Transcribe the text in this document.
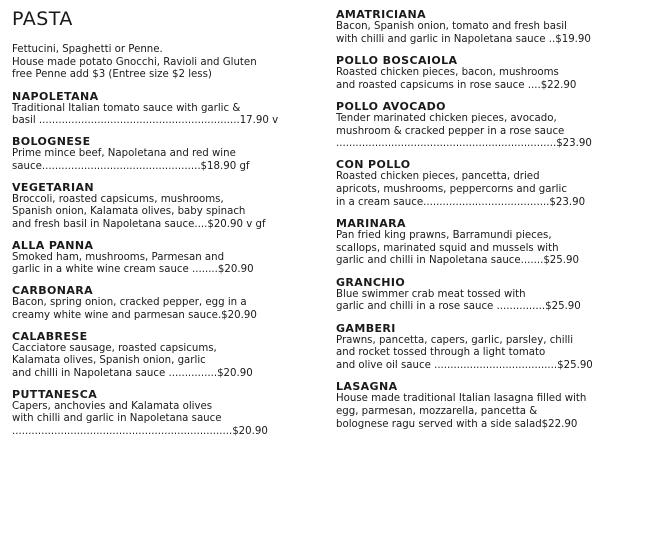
PASTA
Fettucini, Spaghetti or Penne.
House made potato Gnocchi, Ravioli and Gluten
free Penne add $3 (Entree size $2 less)
NAPOLETANA
Traditional Italian tomato sauce with garlic &
basil ..............................................................17.90 v
BOLOGNESE
Prime mince beef, Napoletana and red wine
sauce.................................................$18.90 gf
VEGETARIAN
Broccoli, roasted capsicums, mushrooms,
Spanish onion, Kalamata olives, baby spinach
and fresh basil in Napoletana sauce....$20.90 v gf
ALLA PANNA
Smoked ham, mushrooms, Parmesan and
garlic in a white wine cream sauce ........$20.90
CARBONARA
Bacon, spring onion, cracked pepper, egg in a
creamy white wine and parmesan sauce.$20.90
CALABRESE
Cacciatore sausage, roasted capsicums,
Kalamata olives, Spanish onion, garlic
and chilli in Napoletana sauce ...............$20.90
PUTTANESCA
Capers, anchovies and Kalamata olives
with chilli and garlic in Napoletana sauce
....................................................................$20.90
AMATRICIANA
Bacon, Spanish onion, tomato and fresh basil
with chilli and garlic in Napoletana sauce ..$19.90
POLLO BOSCAIOLA
Roasted chicken pieces, bacon, mushrooms
and roasted capsicums in rose sauce ....$22.90
POLLO AVOCADO
Tender marinated chicken pieces, avocado,
mushroom & cracked pepper in a rose sauce
....................................................................$23.90
CON POLLO
Roasted chicken pieces, pancetta, dried
apricots, mushrooms, peppercorns and garlic
in a cream sauce.......................................$23.90
MARINARA
Pan fried king prawns, Barramundi pieces,
scallops, marinated squid and mussels with
garlic and chilli in Napoletana sauce.......$25.90
GRANCHIO
Blue swimmer crab meat tossed with
garlic and chilli in a rose sauce ...............$25.90
GAMBERI
Prawns, pancetta, capers, garlic, parsley, chilli
and rocket tossed through a light tomato
and olive oil sauce ......................................$25.90
LASAGNA
House made traditional Italian lasagna filled with
egg, parmesan, mozzarella, pancetta &
bolognese ragu served with a side salad$22.90
